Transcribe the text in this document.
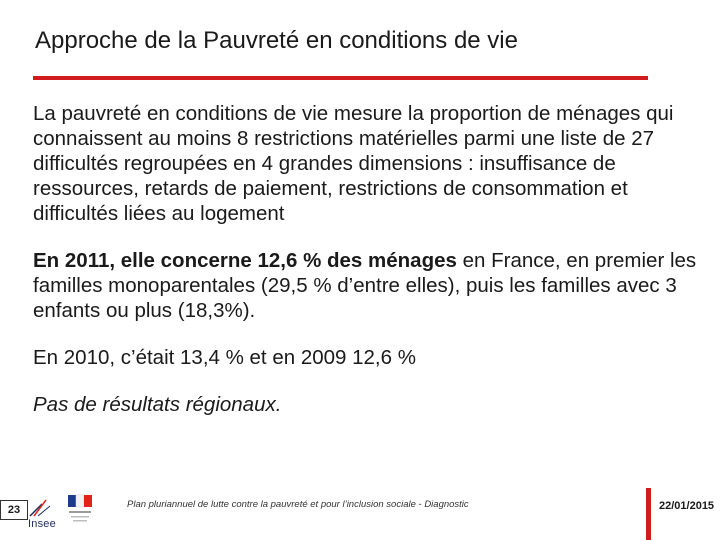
Approche de la Pauvreté en conditions de vie

La pauvreté en conditions de vie mesure la proportion de ménages qui connaissent au moins 8 restrictions matérielles parmi une liste de 27 difficultés regroupées en 4 grandes dimensions : insuffisance de ressources, retards de paiement, restrictions de consommation et difficultés liées au logement

En 2011, elle concerne 12,6 % des ménages en France, en premier les familles monoparentales (29,5 % d’entre elles), puis les familles avec 3 enfants ou plus (18,3%).

En 2010, c’était 13,4 % et en 2009 12,6 %

Pas de résultats régionaux.

23
Insee
Plan pluriannuel de lutte contre la pauvreté et pour l’inclusion sociale - Diagnostic	22/01/2015
